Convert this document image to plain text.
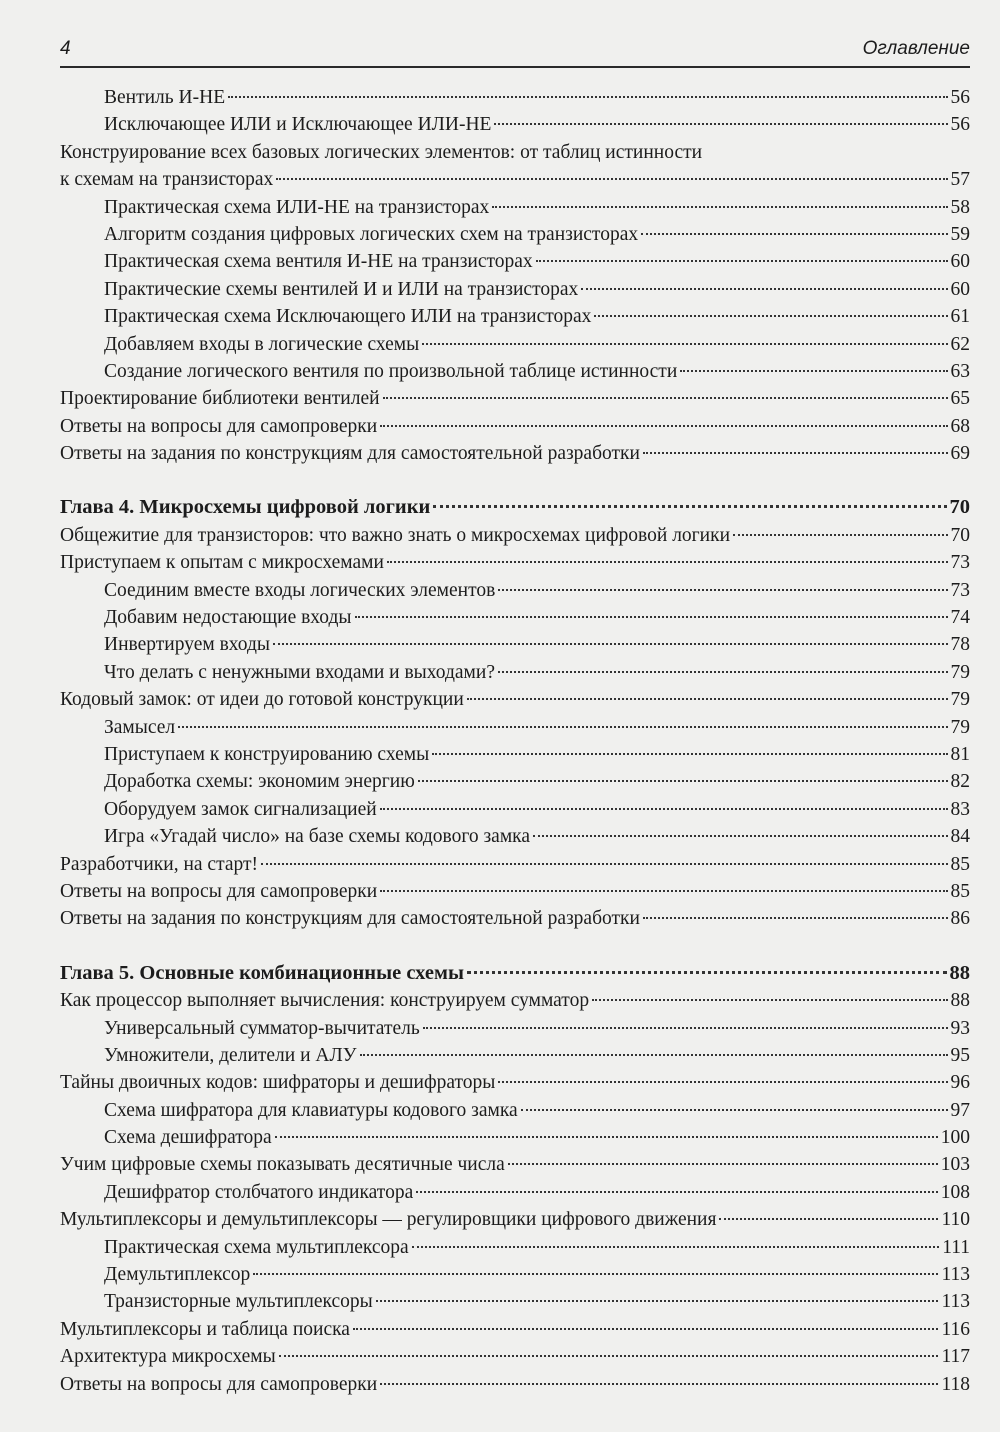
4	Оглавление
Вентиль И-НЕ	56
Исключающее ИЛИ и Исключающее ИЛИ-НЕ	56
Конструирование всех базовых логических элементов: от таблиц истинности
к схемам на транзисторах	57
Практическая схема ИЛИ-НЕ на транзисторах	58
Алгоритм создания цифровых логических схем на транзисторах	59
Практическая схема вентиля И-НЕ на транзисторах	60
Практические схемы вентилей И и ИЛИ на транзисторах	60
Практическая схема Исключающего ИЛИ на транзисторах	61
Добавляем входы в логические схемы	62
Создание логического вентиля по произвольной таблице истинности	63
Проектирование библиотеки вентилей	65
Ответы на вопросы для самопроверки	68
Ответы на задания по конструкциям для самостоятельной разработки	69
Глава 4. Микросхемы цифровой логики	70
Общежитие для транзисторов: что важно знать о микросхемах цифровой логики	70
Приступаем к опытам с микросхемами	73
Соединим вместе входы логических элементов	73
Добавим недостающие входы	74
Инвертируем входы	78
Что делать с ненужными входами и выходами?	79
Кодовый замок: от идеи до готовой конструкции	79
Замысел	79
Приступаем к конструированию схемы	81
Доработка схемы: экономим энергию	82
Оборудуем замок сигнализацией	83
Игра «Угадай число» на базе схемы кодового замка	84
Разработчики, на старт!	85
Ответы на вопросы для самопроверки	85
Ответы на задания по конструкциям для самостоятельной разработки	86
Глава 5. Основные комбинационные схемы	88
Как процессор выполняет вычисления: конструируем сумматор	88
Универсальный сумматор-вычитатель	93
Умножители, делители и АЛУ	95
Тайны двоичных кодов: шифраторы и дешифраторы	96
Схема шифратора для клавиатуры кодового замка	97
Схема дешифратора	100
Учим цифровые схемы показывать десятичные числа	103
Дешифратор столбчатого индикатора	108
Мультиплексоры и демультиплексоры — регулировщики цифрового движения	110
Практическая схема мультиплексора	111
Демультиплексор	113
Транзисторные мультиплексоры	113
Мультиплексоры и таблица поиска	116
Архитектура микросхемы	117
Ответы на вопросы для самопроверки	118
